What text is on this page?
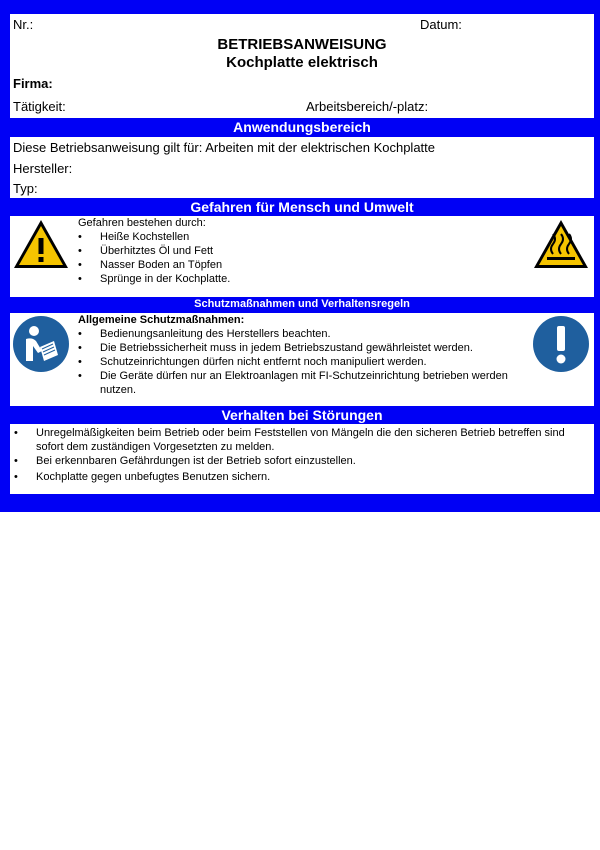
Nr.:	Datum:
BETRIEBSANWEISUNG
Kochplatte elektrisch
Firma:
Tätigkeit:	Arbeitsbereich/-platz:
Anwendungsbereich
Diese Betriebsanweisung gilt für: Arbeiten mit der elektrischen Kochplatte
Hersteller:
Typ:
Gefahren für Mensch und Umwelt
Gefahren bestehen durch:
• Heiße Kochstellen
• Überhitztes Öl und Fett
• Nasser Boden an Töpfen
• Sprünge in der Kochplatte.
Schutzmaßnahmen und Verhaltensregeln
Allgemeine Schutzmaßnahmen:
• Bedienungsanleitung des Herstellers beachten.
• Die Betriebssicherheit muss in jedem Betriebszustand gewährleistet werden.
• Schutzeinrichtungen dürfen nicht entfernt noch manipuliert werden.
• Die Geräte dürfen nur an Elektroanlagen mit FI-Schutzeinrichtung betrieben werden
nutzen.
Verhalten bei Störungen
• Unregelmäßigkeiten beim Betrieb oder beim Feststellen von Mängeln die den sicheren Betrieb betreffen sind
sofort dem zuständigen Vorgesetzten zu melden.
• Bei erkennbaren Gefährdungen ist der Betrieb sofort einzustellen.
• Kochplatte gegen unbefugtes Benutzen sichern.
